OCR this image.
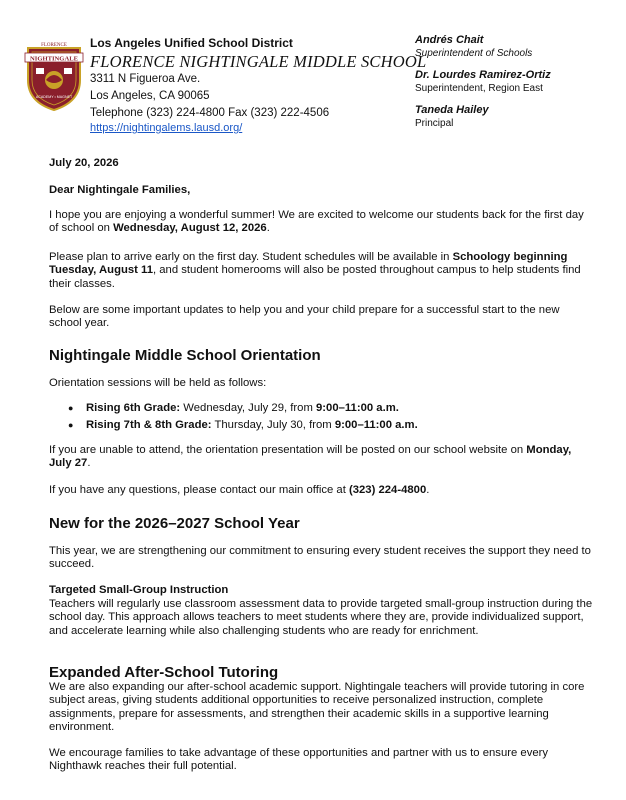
FLORENCE
NIGHTINGALE
ACADEMY • MAGNET
Los Angeles Unified School District
FLORENCE NIGHTINGALE MIDDLE SCHOOL
3311 N Figueroa Ave.
Los Angeles, CA 90065
Telephone (323) 224-4800 Fax (323) 222-4506
https://nightingalems.lausd.org/
Andrés Chait
Superintendent of Schools
Dr. Lourdes Ramirez-Ortiz
Superintendent, Region East
Taneda Hailey
Principal
July 20, 2026
Dear Nightingale Families,
I hope you are enjoying a wonderful summer! We are excited to welcome our students back for the first day of school on Wednesday, August 12, 2026.
Please plan to arrive early on the first day. Student schedules will be available in Schoology beginning Tuesday, August 11, and student homerooms will also be posted throughout campus to help students find their classes.
Below are some important updates to help you and your child prepare for a successful start to the new school year.
Nightingale Middle School Orientation
Orientation sessions will be held as follows:
● Rising 6th Grade: Wednesday, July 29, from 9:00–11:00 a.m.
● Rising 7th & 8th Grade: Thursday, July 30, from 9:00–11:00 a.m.
If you are unable to attend, the orientation presentation will be posted on our school website on Monday, July 27.
If you have any questions, please contact our main office at (323) 224-4800.
New for the 2026–2027 School Year
This year, we are strengthening our commitment to ensuring every student receives the support they need to succeed.
Targeted Small-Group Instruction
Teachers will regularly use classroom assessment data to provide targeted small-group instruction during the school day. This approach allows teachers to meet students where they are, provide individualized support, and accelerate learning while also challenging students who are ready for enrichment.
Expanded After-School Tutoring
We are also expanding our after-school academic support. Nightingale teachers will provide tutoring in core subject areas, giving students additional opportunities to receive personalized instruction, complete assignments, prepare for assessments, and strengthen their academic skills in a supportive learning environment.
We encourage families to take advantage of these opportunities and partner with us to ensure every Nighthawk reaches their full potential.
